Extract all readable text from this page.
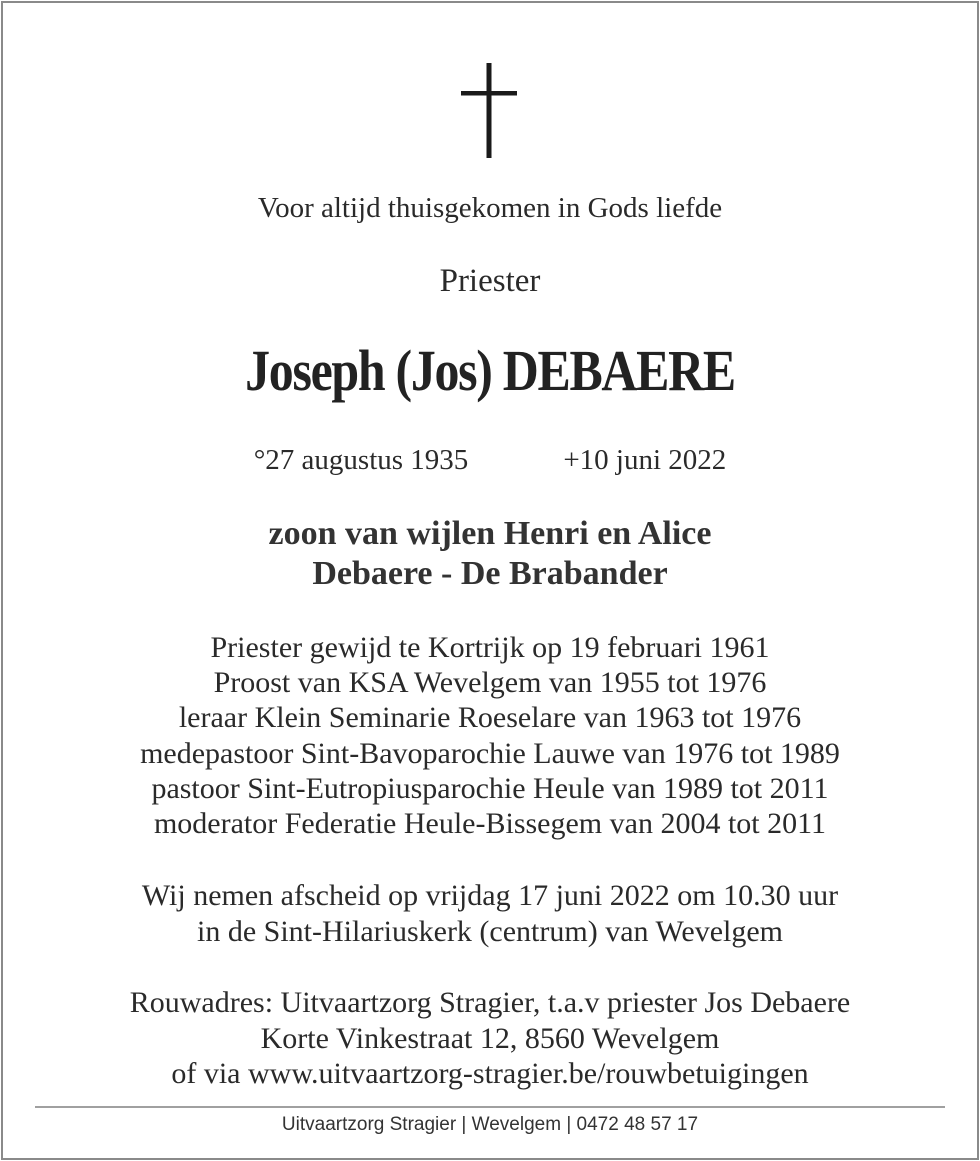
Voor altijd thuisgekomen in Gods liefde
Priester
Joseph (Jos) DEBAERE
°27 augustus 1935	+10 juni 2022
zoon van wijlen Henri en Alice
Debaere - De Brabander
Priester gewijd te Kortrijk op 19 februari 1961
Proost van KSA Wevelgem van 1955 tot 1976
leraar Klein Seminarie Roeselare van 1963 tot 1976
medepastoor Sint-Bavoparochie Lauwe van 1976 tot 1989
pastoor Sint-Eutropiusparochie Heule van 1989 tot 2011
moderator Federatie Heule-Bissegem van 2004 tot 2011
Wij nemen afscheid op vrijdag 17 juni 2022 om 10.30 uur
in de Sint-Hilariuskerk (centrum) van Wevelgem
Rouwadres: Uitvaartzorg Stragier, t.a.v priester Jos Debaere
Korte Vinkestraat 12, 8560 Wevelgem
of via www.uitvaartzorg-stragier.be/rouwbetuigingen
Uitvaartzorg Stragier | Wevelgem | 0472 48 57 17
